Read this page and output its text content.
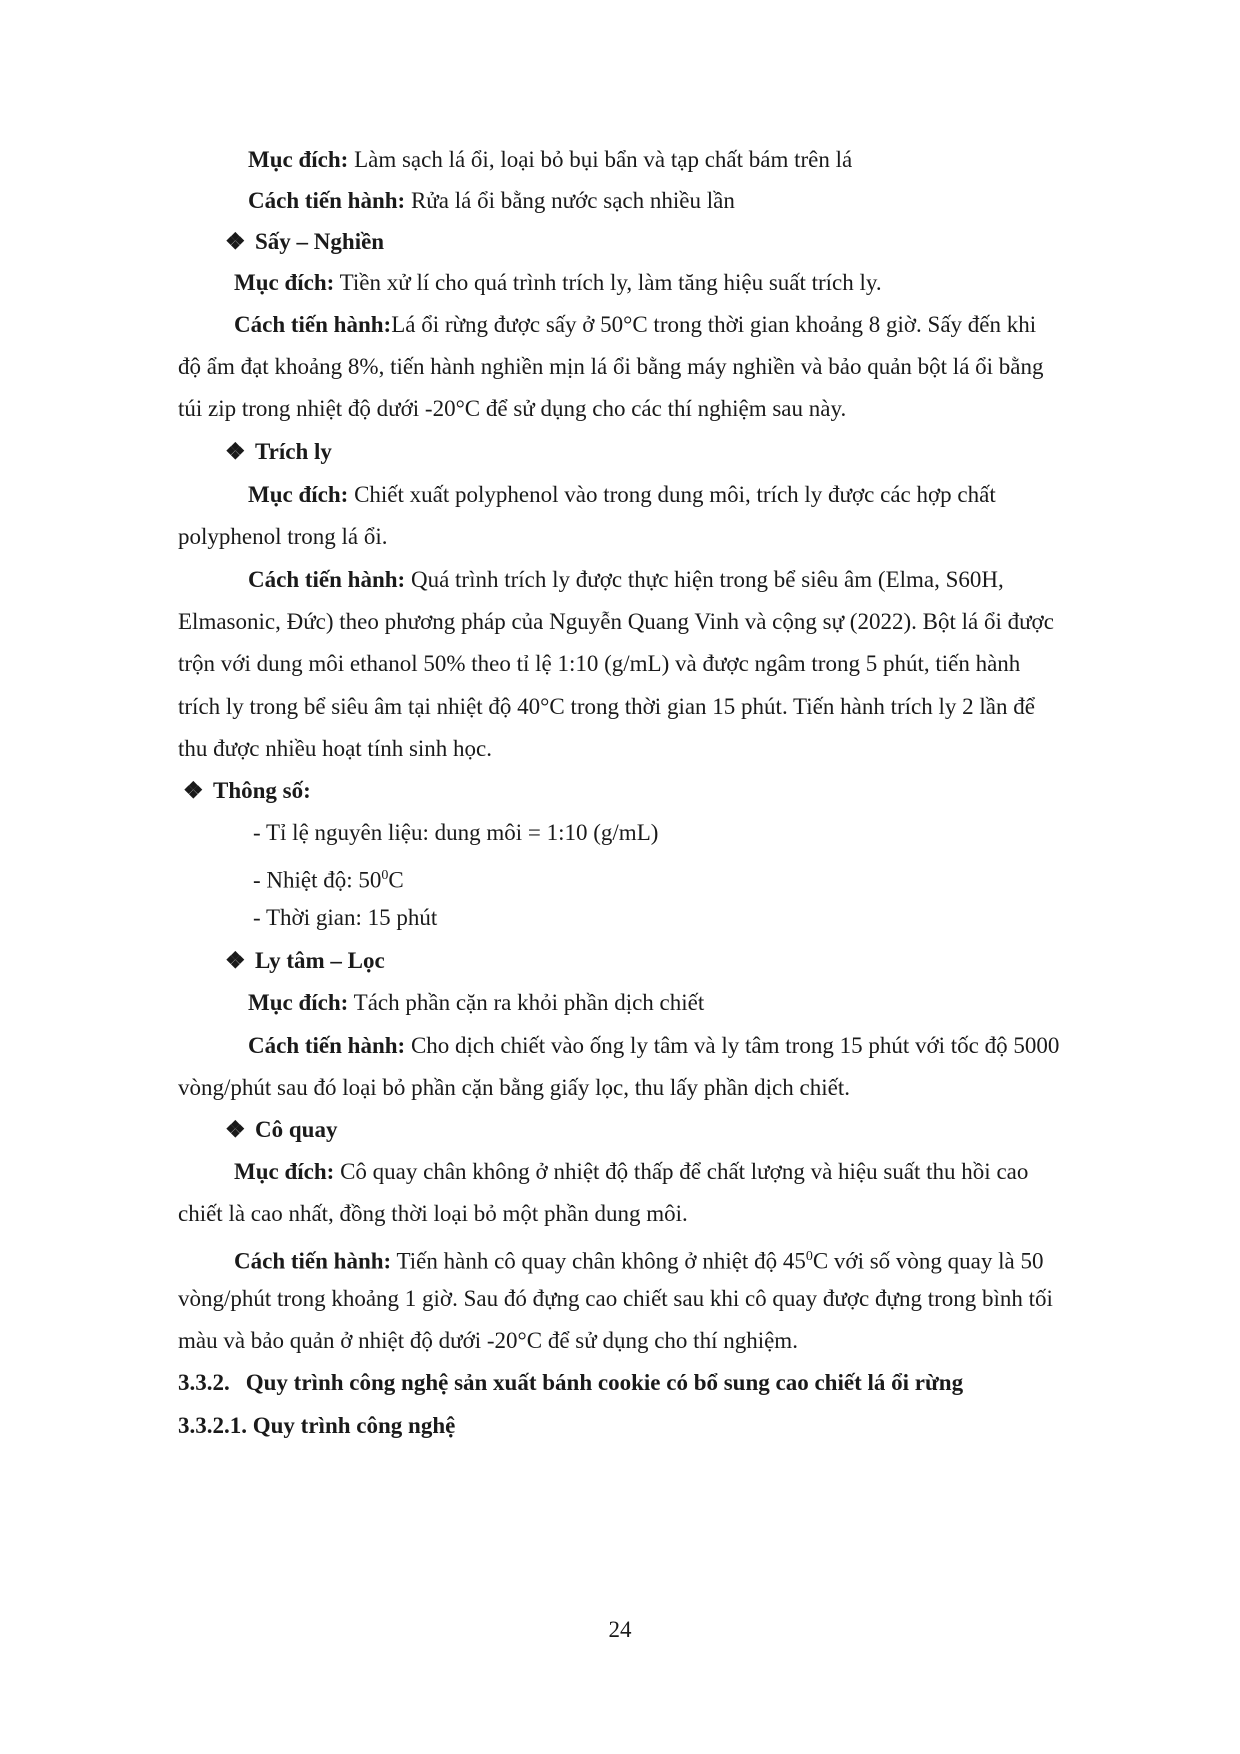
Mục đích: Làm sạch lá ổi, loại bỏ bụi bẩn và tạp chất bám trên lá
Cách tiến hành: Rửa lá ổi bằng nước sạch nhiều lần
❖ Sấy – Nghiền
Mục đích: Tiền xử lí cho quá trình trích ly, làm tăng hiệu suất trích ly.
Cách tiến hành:Lá ổi rừng được sấy ở 50°C trong thời gian khoảng 8 giờ. Sấy đến khi
độ ẩm đạt khoảng 8%, tiến hành nghiền mịn lá ổi bằng máy nghiền và bảo quản bột lá ổi bằng
túi zip trong nhiệt độ dưới -20°C để sử dụng cho các thí nghiệm sau này.
❖ Trích ly
Mục đích: Chiết xuất polyphenol vào trong dung môi, trích ly được các hợp chất
polyphenol trong lá ổi.
Cách tiến hành: Quá trình trích ly được thực hiện trong bể siêu âm (Elma, S60H,
Elmasonic, Đức) theo phương pháp của Nguyễn Quang Vinh và cộng sự (2022). Bột lá ổi được
trộn với dung môi ethanol 50% theo tỉ lệ 1:10 (g/mL) và được ngâm trong 5 phút, tiến hành
trích ly trong bể siêu âm tại nhiệt độ 40°C trong thời gian 15 phút. Tiến hành trích ly 2 lần để
thu được nhiều hoạt tính sinh học.
❖ Thông số:
- Tỉ lệ nguyên liệu: dung môi = 1:10 (g/mL)
- Nhiệt độ: $50^0C$
- Thời gian: 15 phút
❖ Ly tâm – Lọc
Mục đích: Tách phần cặn ra khỏi phần dịch chiết
Cách tiến hành: Cho dịch chiết vào ống ly tâm và ly tâm trong 15 phút với tốc độ 5000
vòng/phút sau đó loại bỏ phần cặn bằng giấy lọc, thu lấy phần dịch chiết.
❖ Cô quay
Mục đích: Cô quay chân không ở nhiệt độ thấp để chất lượng và hiệu suất thu hồi cao
chiết là cao nhất, đồng thời loại bỏ một phần dung môi.
Cách tiến hành: Tiến hành cô quay chân không ở nhiệt độ $45^0C$ với số vòng quay là 50
vòng/phút trong khoảng 1 giờ. Sau đó đựng cao chiết sau khi cô quay được đựng trong bình tối
màu và bảo quản ở nhiệt độ dưới -20°C để sử dụng cho thí nghiệm.
3.3.2. Quy trình công nghệ sản xuất bánh cookie có bổ sung cao chiết lá ổi rừng
3.3.2.1. Quy trình công nghệ
24
